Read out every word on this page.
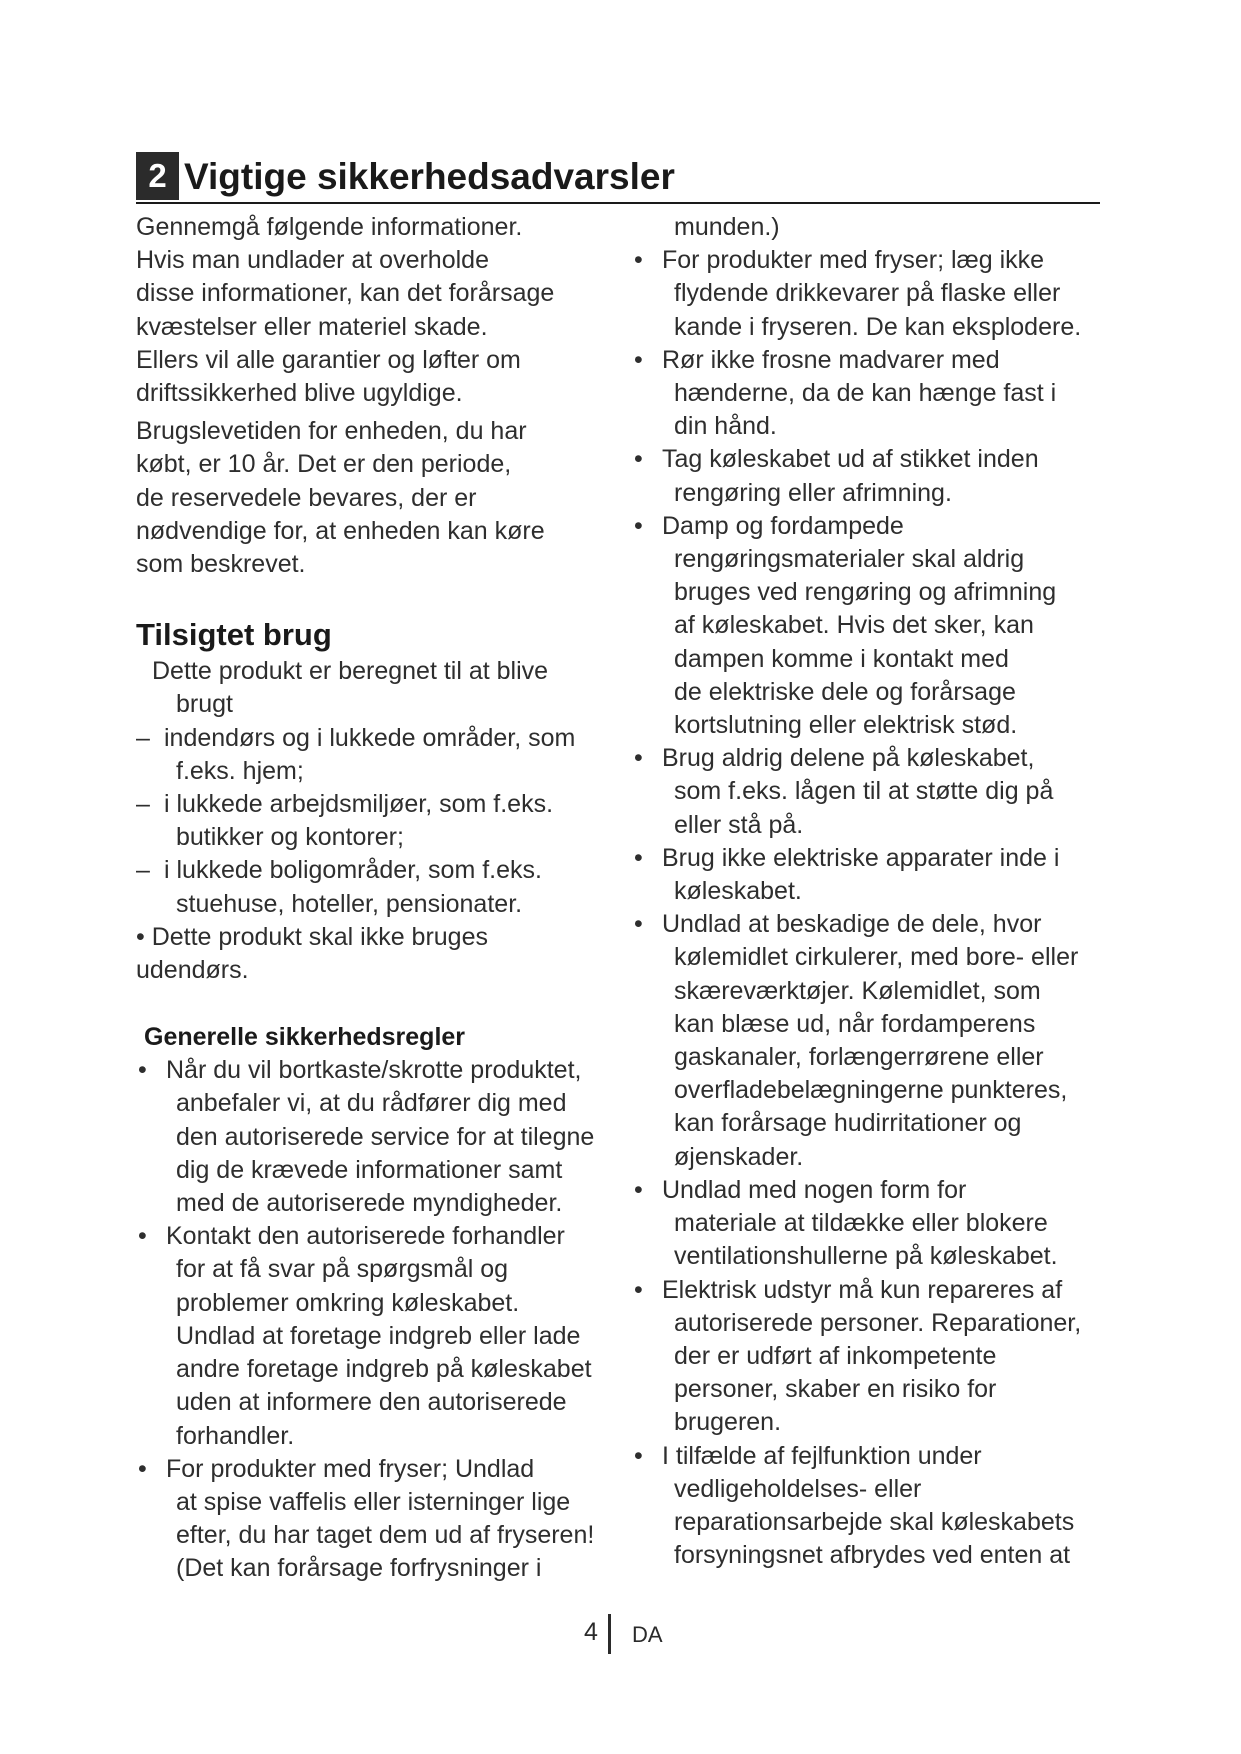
2 Vigtige sikkerhedsadvarsler

Gennemgå følgende informationer.

Hvis man undlader at overholde

disse informationer, kan det forårsage

kvæstelser eller materiel skade.

Ellers vil alle garantier og løfter om

driftssikkerhed blive ugyldige.

Brugslevetiden for enheden, du har

købt, er 10 år. Det er den periode,

de reservedele bevares, der er

nødvendige for, at enheden kan køre

som beskrevet.

Tilsigtet brug

Dette produkt er beregnet til at blive

brugt

– indendørs og i lukkede områder, som

f.eks. hjem;

– i lukkede arbejdsmiljøer, som f.eks.

butikker og kontorer;

– i lukkede boligområder, som f.eks.

stuehuse, hoteller, pensionater.

• Dette produkt skal ikke bruges

udendørs.

Generelle sikkerhedsregler
• Når du vil bortkaste/skrotte produktet,

anbefaler vi, at du rådfører dig med

den autoriserede service for at tilegne

dig de krævede informationer samt

med de autoriserede myndigheder.

• Kontakt den autoriserede forhandler

for at få svar på spørgsmål og

problemer omkring køleskabet.

Undlad at foretage indgreb eller lade

andre foretage indgreb på køleskabet

uden at informere den autoriserede

forhandler.

• For produkter med fryser; Undlad

at spise vaffelis eller isterninger lige

efter, du har taget dem ud af fryseren!

(Det kan forårsage forfrysninger i

munden.)

• For produkter med fryser; læg ikke

flydende drikkevarer på flaske eller

kande i fryseren. De kan eksplodere.

• Rør ikke frosne madvarer med

hænderne, da de kan hænge fast i

din hånd.

• Tag køleskabet ud af stikket inden

rengøring eller afrimning.

• Damp og fordampede

rengøringsmaterialer skal aldrig

bruges ved rengøring og afrimning

af køleskabet. Hvis det sker, kan

dampen komme i kontakt med

de elektriske dele og forårsage

kortslutning eller elektrisk stød.

• Brug aldrig delene på køleskabet,

som f.eks. lågen til at støtte dig på

eller stå på.

• Brug ikke elektriske apparater inde i

køleskabet.

• Undlad at beskadige de dele, hvor

kølemidlet cirkulerer, med bore- eller

skæreværktøjer. Kølemidlet, som

kan blæse ud, når fordamperens

gaskanaler, forlængerrørene eller

overfladebelægningerne punkteres,

kan forårsage hudirritationer og

øjenskader.

• Undlad med nogen form for

materiale at tildække eller blokere

ventilationshullerne på køleskabet.

• Elektrisk udstyr må kun repareres af

autoriserede personer. Reparationer,

der er udført af inkompetente

personer, skaber en risiko for

brugeren.

• I tilfælde af fejlfunktion under

vedligeholdelses- eller

reparationsarbejde skal køleskabets

forsyningsnet afbrydes ved enten at

4 DA
